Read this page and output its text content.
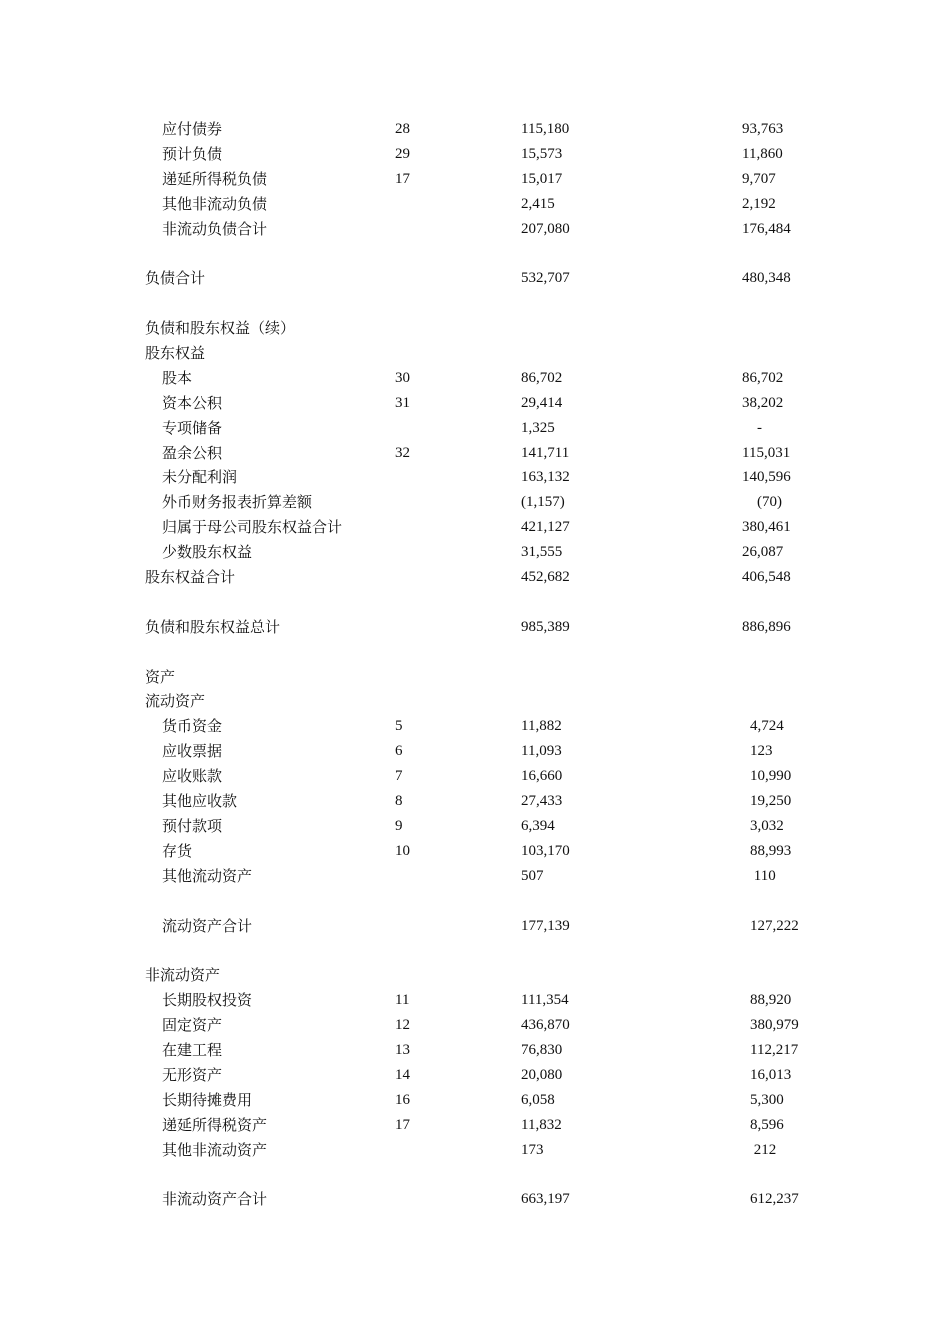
应付债券	28	115,180	93,763
预计负债	29	15,573	11,860
递延所得税负债	17	15,017	9,707
其他非流动负债	2,415	2,192
非流动负债合计	207,080	176,484
负债合计	532,707	480,348
负债和股东权益（续）
股东权益
股本	30	86,702	86,702
资本公积	31	29,414	38,202
专项储备	1,325	-
盈余公积	32	141,711	115,031
未分配利润	163,132	140,596
外币财务报表折算差额	(1,157)	(70)
归属于母公司股东权益合计	421,127	380,461
少数股东权益	31,555	26,087
股东权益合计	452,682	406,548
负债和股东权益总计	985,389	886,896
资产
流动资产
货币资金	5	11,882	4,724
应收票据	6	11,093	123
应收账款	7	16,660	10,990
其他应收款	8	27,433	19,250
预付款项	9	6,394	3,032
存货	10	103,170	88,993
其他流动资产	507	110
流动资产合计	177,139	127,222
非流动资产
长期股权投资	11	111,354	88,920
固定资产	12	436,870	380,979
在建工程	13	76,830	112,217
无形资产	14	20,080	16,013
长期待摊费用	16	6,058	5,300
递延所得税资产	17	11,832	8,596
其他非流动资产	173	212
非流动资产合计	663,197	612,237
